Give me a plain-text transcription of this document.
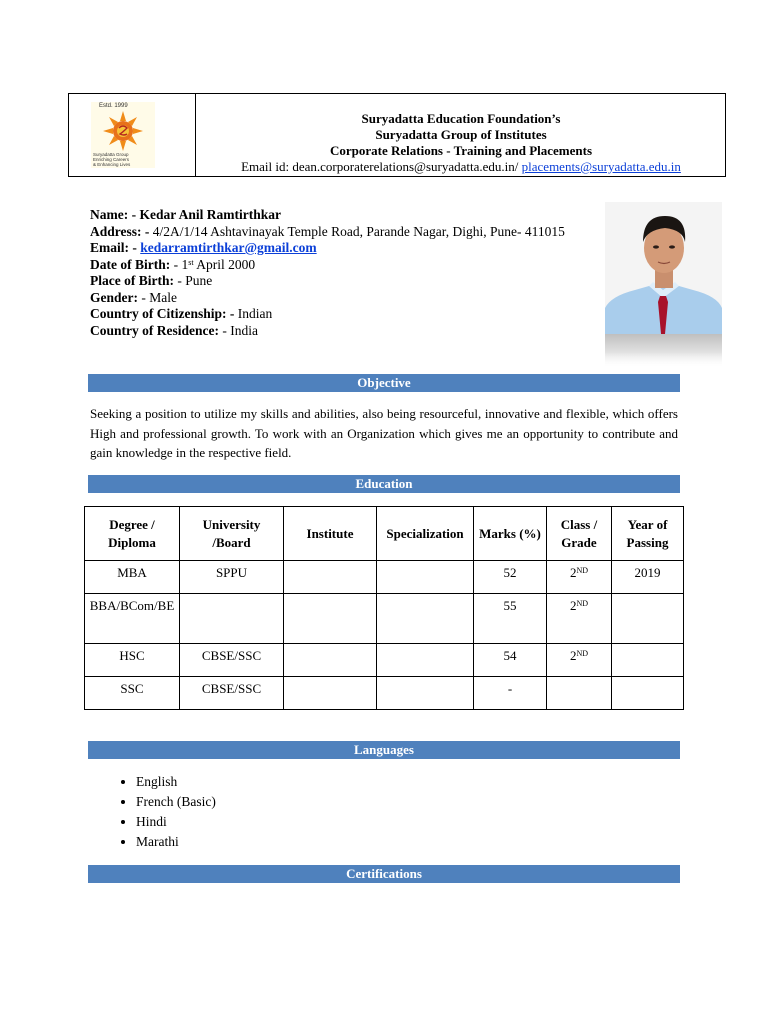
Estd. 1999
Suryadatta Group
Enriching Careers
& Enhancing Lives
Suryadatta Education Foundation’s
Suryadatta Group of Institutes
Corporate Relations - Training and Placements
Email id: dean.corporaterelations@suryadatta.edu.in/ placements@suryadatta.edu.in
Name: - Kedar Anil Ramtirthkar
Address: - 4/2A/1/14 Ashtavinayak Temple Road, Parande Nagar, Dighi, Pune- 411015
Email: - kedarramtirthkar@gmail.com
Date of Birth: - 1st April 2000
Place of Birth: - Pune
Gender: - Male
Country of Citizenship: - Indian
Country of Residence: - India
Objective
Seeking a position to utilize my skills and abilities, also being resourceful, innovative and flexible, which offers High and professional growth. To work with an Organization which gives me an opportunity to contribute and gain knowledge in the respective field.
Education
Degree / Diploma	University /Board	Institute	Specialization	Marks (%)	Class / Grade	Year of Passing
MBA	SPPU			52	2ND	2019
BBA/BCom/BE				55	2ND	
HSC	CBSE/SSC			54	2ND	
SSC	CBSE/SSC			-		
Languages
• English
• French (Basic)
• Hindi
• Marathi
Certifications
